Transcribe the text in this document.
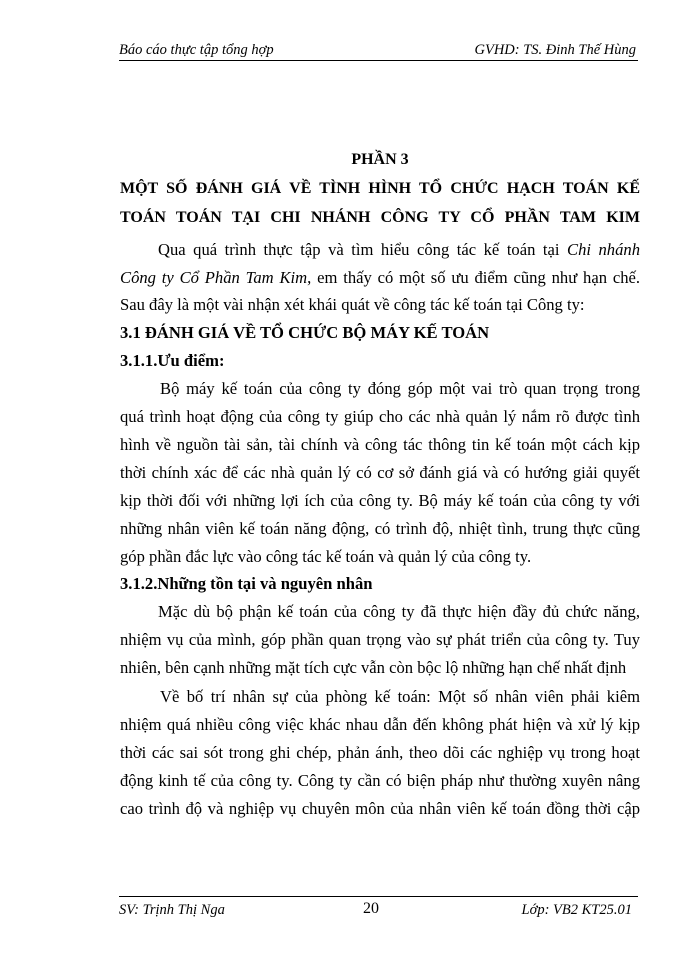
Báo cáo thực tập tổng hợp	GVHD: TS. Đinh Thế Hùng
PHẦN 3
MỘT SỐ ĐÁNH GIÁ VỀ TÌNH HÌNH TỔ CHỨC HẠCH TOÁN KẾ
TOÁN TOÁN TẠI CHI NHÁNH CÔNG TY CỔ PHẦN TAM KIM
Qua quá trình thực tập và tìm hiểu công tác kế toán tại Chi nhánh
Công ty Cổ Phần Tam Kim, em thấy có một số ưu điểm cũng như hạn chế.
Sau đây là một vài nhận xét khái quát về công tác kế toán tại Công ty:
3.1 ĐÁNH GIÁ VỀ TỔ CHỨC BỘ MÁY KẾ TOÁN
3.1.1.Ưu điểm:
Bộ máy kế toán của công ty đóng góp một vai trò quan trọng trong
quá trình hoạt động của công ty giúp cho các nhà quản lý nắm rõ được tình
hình về nguồn tài sản, tài chính và công tác thông tin kế toán một cách kịp
thời chính xác để các nhà quản lý có cơ sở đánh giá và có hướng giải quyết
kịp thời đối với những lợi ích của công ty. Bộ máy kế toán của công ty với
những nhân viên kế toán năng động, có trình độ, nhiệt tình, trung thực cũng
góp phần đắc lực vào công tác kế toán và quản lý của công ty.
3.1.2.Những tồn tại và nguyên nhân
Mặc dù bộ phận kế toán của công ty đã thực hiện đầy đủ chức năng,
nhiệm vụ của mình, góp phần quan trọng vào sự phát triển của công ty. Tuy
nhiên, bên cạnh những mặt tích cực vẫn còn bộc lộ những hạn chế nhất định
Về bố trí nhân sự của phòng kế toán: Một số nhân viên phải kiêm
nhiệm quá nhiều công việc khác nhau dẫn đến không phát hiện và xử lý kịp
thời các sai sót trong ghi chép, phản ánh, theo dõi các nghiệp vụ trong hoạt
động kinh tế của công ty. Công ty cần có biện pháp như thường xuyên nâng
cao trình độ và nghiệp vụ chuyên môn của nhân viên kế toán đồng thời cập
SV: Trịnh Thị Nga	20	Lớp: VB2 KT25.01
